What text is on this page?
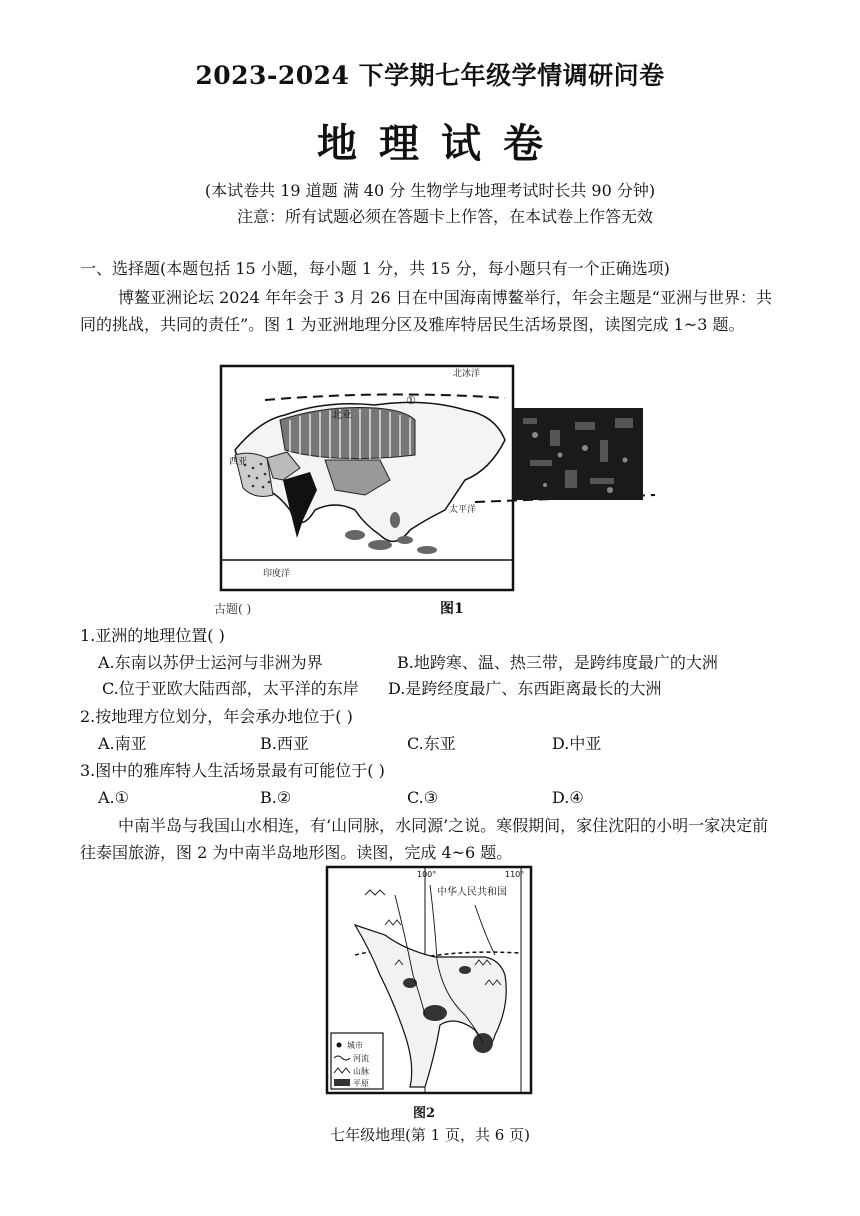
2023-2024 下学期七年级学情调研问卷
地理试卷
(本试卷共 19 道题 满 40 分 生物学与地理考试时长共 90 分钟)
注意：所有试题必须在答题卡上作答，在本试卷上作答无效
一、选择题(本题包括 15 小题，每小题 1 分，共 15 分，每小题只有一个正确选项)
博鳌亚洲论坛 2024 年年会于 3 月 26 日在中国海南博鳌举行，年会主题是“亚洲与世界：共同的挑战，共同的责任”。图 1 为亚洲地理分区及雅库特居民生活场景图，读图完成 1~3 题。
北亚
北冰洋
太平洋
印度洋
西亚
①
古题( )	图1
1.亚洲的地理位置( )
A.东南以苏伊士运河与非洲为界	B.地跨寒、温、热三带，是跨纬度最广的大洲
C.位于亚欧大陆西部，太平洋的东岸 D.是跨经度最广、东西距离最长的大洲
2.按地理方位划分，年会承办地位于( )
A.南亚	B.西亚	C.东亚	D.中亚
3.图中的雅库特人生活场景最有可能位于( )
A.①	B.②	C.③	D.④
中南半岛与我国山水相连，有‘山同脉，水同源’之说。寒假期间，家住沈阳的小明一家决定前往泰国旅游，图 2 为中南半岛地形图。读图，完成 4~6 题。
100°	110°
中华人民共和国
城市
河流
山脉
平原
图2
七年级地理(第 1 页，共 6 页)
